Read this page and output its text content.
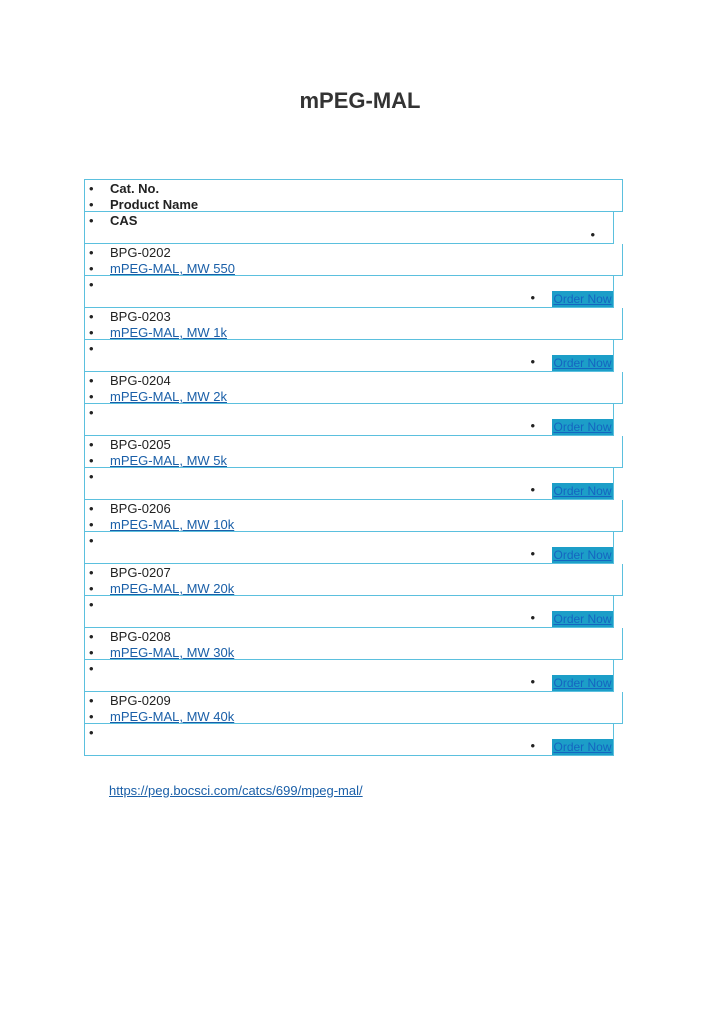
mPEG-MAL
• Cat. No.
• Product Name
• CAS
•
• BPG-0202
• mPEG-MAL, MW 550
•
• Order Now
• BPG-0203
• mPEG-MAL, MW 1k
•
• Order Now
• BPG-0204
• mPEG-MAL, MW 2k
•
• Order Now
• BPG-0205
• mPEG-MAL, MW 5k
•
• Order Now
• BPG-0206
• mPEG-MAL, MW 10k
•
• Order Now
• BPG-0207
• mPEG-MAL, MW 20k
•
• Order Now
• BPG-0208
• mPEG-MAL, MW 30k
•
• Order Now
• BPG-0209
• mPEG-MAL, MW 40k
•
• Order Now
https://peg.bocsci.com/catcs/699/mpeg-mal/
